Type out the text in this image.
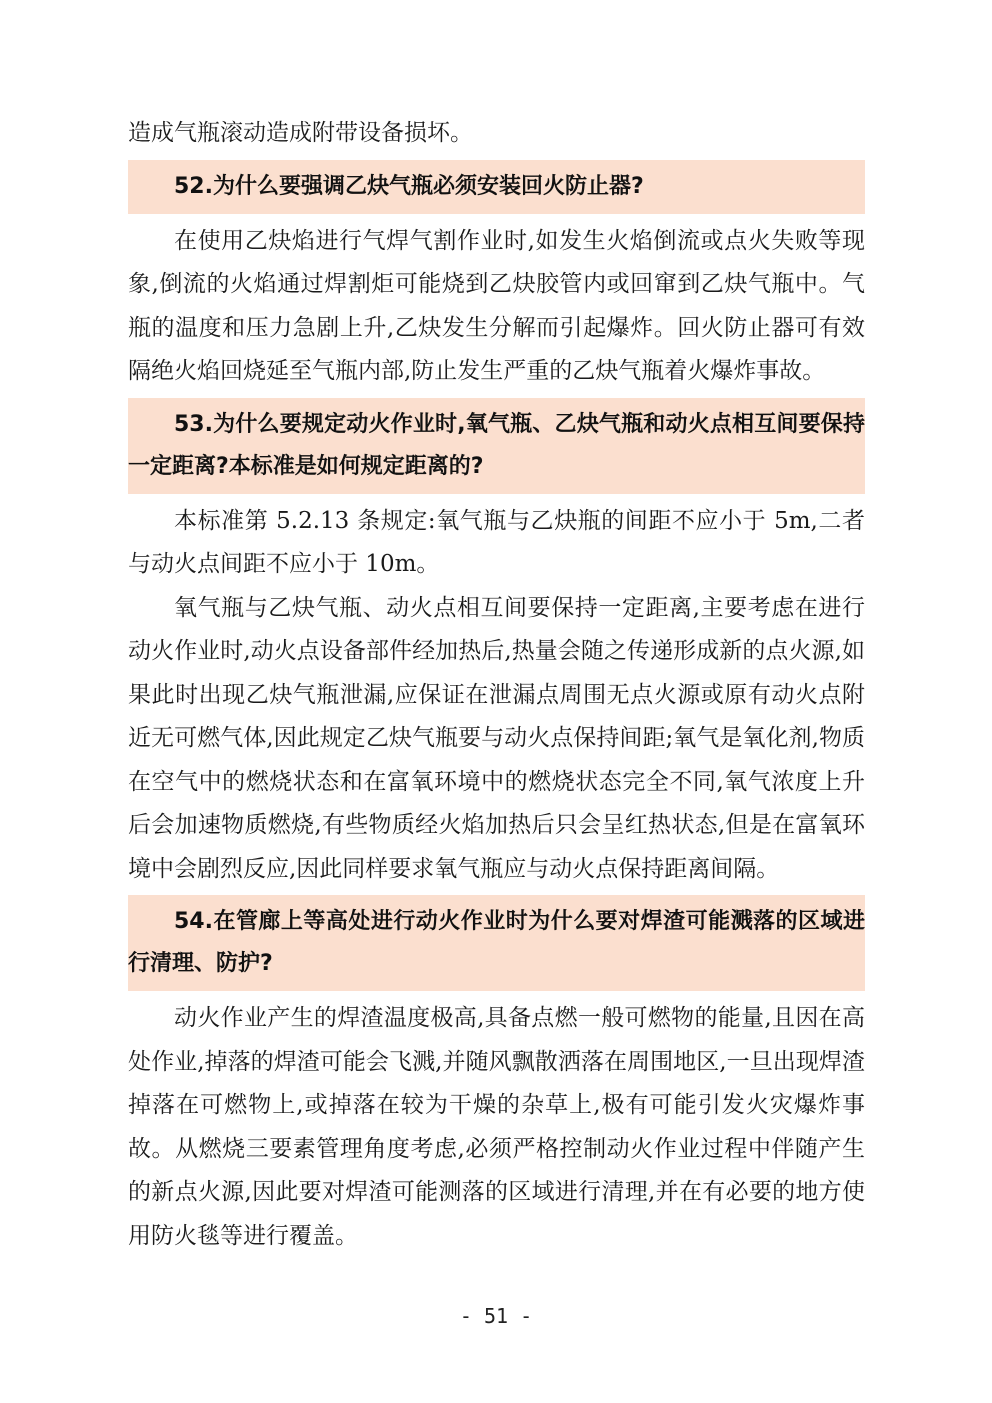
造成气瓶滚动造成附带设备损坏。

52.为什么要强调乙炔气瓶必须安装回火防止器?

在使用乙炔焰进行气焊气割作业时,如发生火焰倒流或点火失败等现象,倒流的火焰通过焊割炬可能烧到乙炔胶管内或回窜到乙炔气瓶中。气瓶的温度和压力急剧上升,乙炔发生分解而引起爆炸。回火防止器可有效隔绝火焰回烧延至气瓶内部,防止发生严重的乙炔气瓶着火爆炸事故。

53.为什么要规定动火作业时,氧气瓶、乙炔气瓶和动火点相互间要保持一定距离?本标准是如何规定距离的?

本标准第 5.2.13 条规定:氧气瓶与乙炔瓶的间距不应小于 5m,二者与动火点间距不应小于 10m。

氧气瓶与乙炔气瓶、动火点相互间要保持一定距离,主要考虑在进行动火作业时,动火点设备部件经加热后,热量会随之传递形成新的点火源,如果此时出现乙炔气瓶泄漏,应保证在泄漏点周围无点火源或原有动火点附近无可燃气体,因此规定乙炔气瓶要与动火点保持间距;氧气是氧化剂,物质在空气中的燃烧状态和在富氧环境中的燃烧状态完全不同,氧气浓度上升后会加速物质燃烧,有些物质经火焰加热后只会呈红热状态,但是在富氧环境中会剧烈反应,因此同样要求氧气瓶应与动火点保持距离间隔。

54.在管廊上等高处进行动火作业时为什么要对焊渣可能溅落的区域进行清理、防护?

动火作业产生的焊渣温度极高,具备点燃一般可燃物的能量,且因在高处作业,掉落的焊渣可能会飞溅,并随风飘散洒落在周围地区,一旦出现焊渣掉落在可燃物上,或掉落在较为干燥的杂草上,极有可能引发火灾爆炸事故。从燃烧三要素管理角度考虑,必须严格控制动火作业过程中伴随产生的新点火源,因此要对焊渣可能测落的区域进行清理,并在有必要的地方使用防火毯等进行覆盖。

- 51 -
